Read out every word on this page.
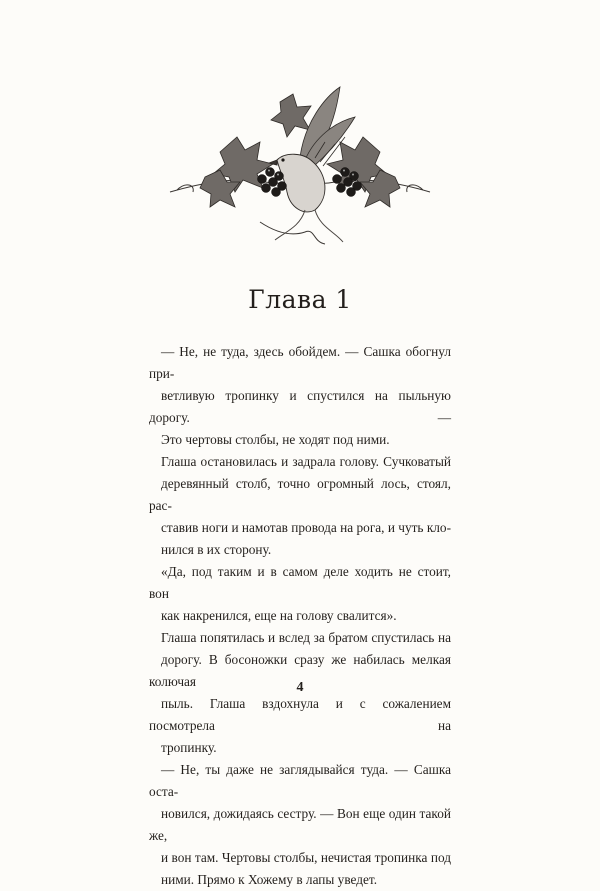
Глава 1

— Не, не туда, здесь обойдем. — Сашка обогнул при-
ветливую тропинку и спустился на пыльную дорогу. —
Это чертовы столбы, не ходят под ними.

Глаша остановилась и задрала голову. Сучковатый
деревянный столб, точно огромный лось, стоял, рас-
ставив ноги и намотав провода на рога, и чуть кло-
нился в их сторону.

«Да, под таким и в самом деле ходить не стоит, вон
как накренился, еще на голову свалится».

Глаша попятилась и вслед за братом спустилась на
дорогу. В босоножки сразу же набилась мелкая колючая
пыль. Глаша вздохнула и с сожалением посмотрела на
тропинку.

— Не, ты даже не заглядывайся туда. — Сашка оста-
новился, дожидаясь сестру. — Вон еще один такой же,
и вон там. Чертовы столбы, нечистая тропинка под
ними. Прямо к Хожему в лапы уведет.

4
